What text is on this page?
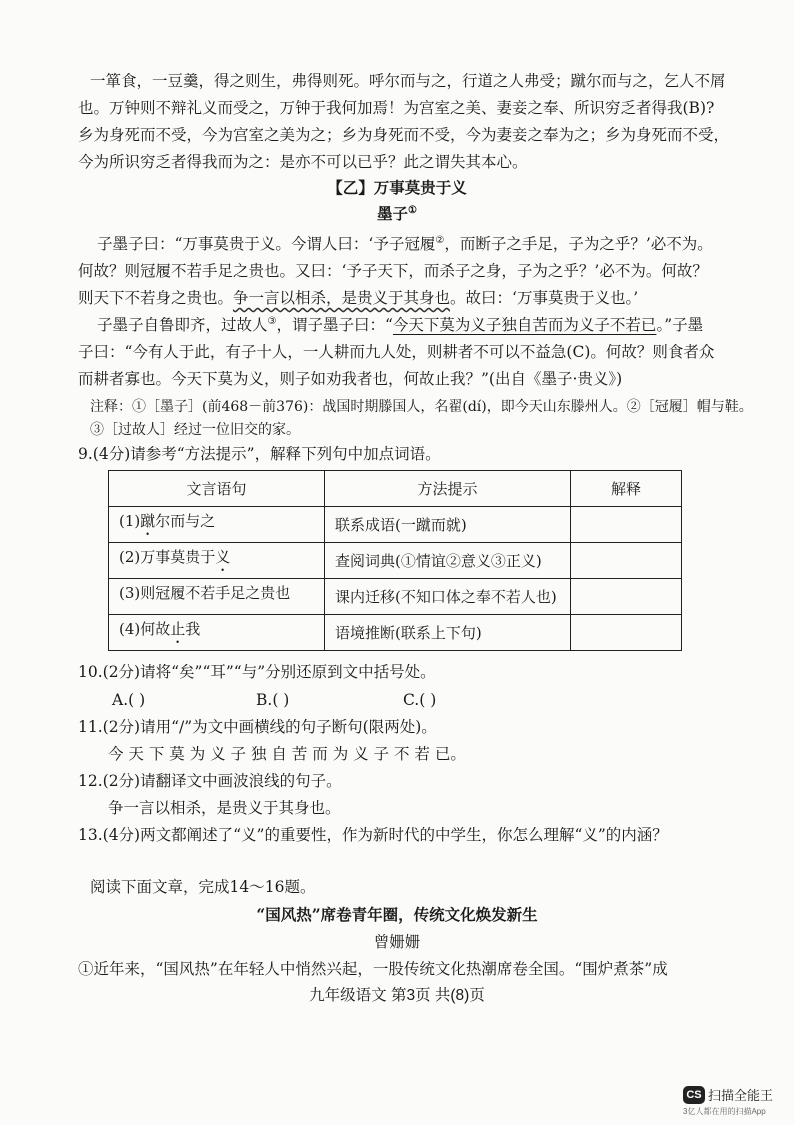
一箪食，一豆羹，得之则生，弗得则死。呼尔而与之，行道之人弗受；蹴尔而与之，乞人不屑
也。万钟则不辩礼义而受之，万钟于我何加焉！为宫室之美、妻妾之奉、所识穷乏者得我(B)?
乡为身死而不受，今为宫室之美为之；乡为身死而不受，今为妻妾之奉为之；乡为身死而不受，
今为所识穷乏者得我而为之：是亦不可以已乎？此之谓失其本心。
【乙】万事莫贵于义
墨子①
子墨子曰：“万事莫贵于义。今谓人曰：‘予子冠履②，而断子之手足，子为之乎？’必不为。
何故？则冠履不若手足之贵也。又曰：‘予子天下，而杀子之身，子为之乎？’必不为。何故？
则天下不若身之贵也。争一言以相杀，是贵义于其身也。故曰：‘万事莫贵于义也。’
子墨子自鲁即齐，过故人③，谓子墨子曰：“今天下莫为义子独自苦而为义子不若已。”子墨
子曰：“今有人于此，有子十人，一人耕而九人处，则耕者不可以不益急(C)。何故？则食者众
而耕者寡也。今天下莫为义，则子如劝我者也，何故止我？”(出自《墨子·贵义》)
注释：①［墨子］(前468－前376)：战国时期滕国人，名翟(dí)，即今天山东滕州人。②［冠履］帽与鞋。
③［过故人］经过一位旧交的家。
9.(4分)请参考“方法提示”，解释下列句中加点词语。
文言语句	方法提示	解释
(1)蹴尔而与之	联系成语(一蹴而就)	
(2)万事莫贵于义	查阅词典(①情谊②意义③正义)	
(3)则冠履不若手足之贵也	课内迁移(不知口体之奉不若人也)	
(4)何故止我	语境推断(联系上下句)	
10.(2分)请将“矣”“耳”“与”分别还原到文中括号处。
A.( )	B.( )	C.( )
11.(2分)请用“/”为文中画横线的句子断句(限两处)。
今 天 下 莫 为 义 子 独 自 苦 而 为 义 子 不 若 已。
12.(2分)请翻译文中画波浪线的句子。
争一言以相杀，是贵义于其身也。
13.(4分)两文都阐述了“义”的重要性，作为新时代的中学生，你怎么理解“义”的内涵？
阅读下面文章，完成14～16题。
“国风热”席卷青年圈，传统文化焕发新生
曾姗姗
①近年来，“国风热”在年轻人中悄然兴起，一股传统文化热潮席卷全国。“围炉煮茶”成
九年级语文 第3页 共(8)页
CS 扫描全能王
3亿人都在用的扫描App
